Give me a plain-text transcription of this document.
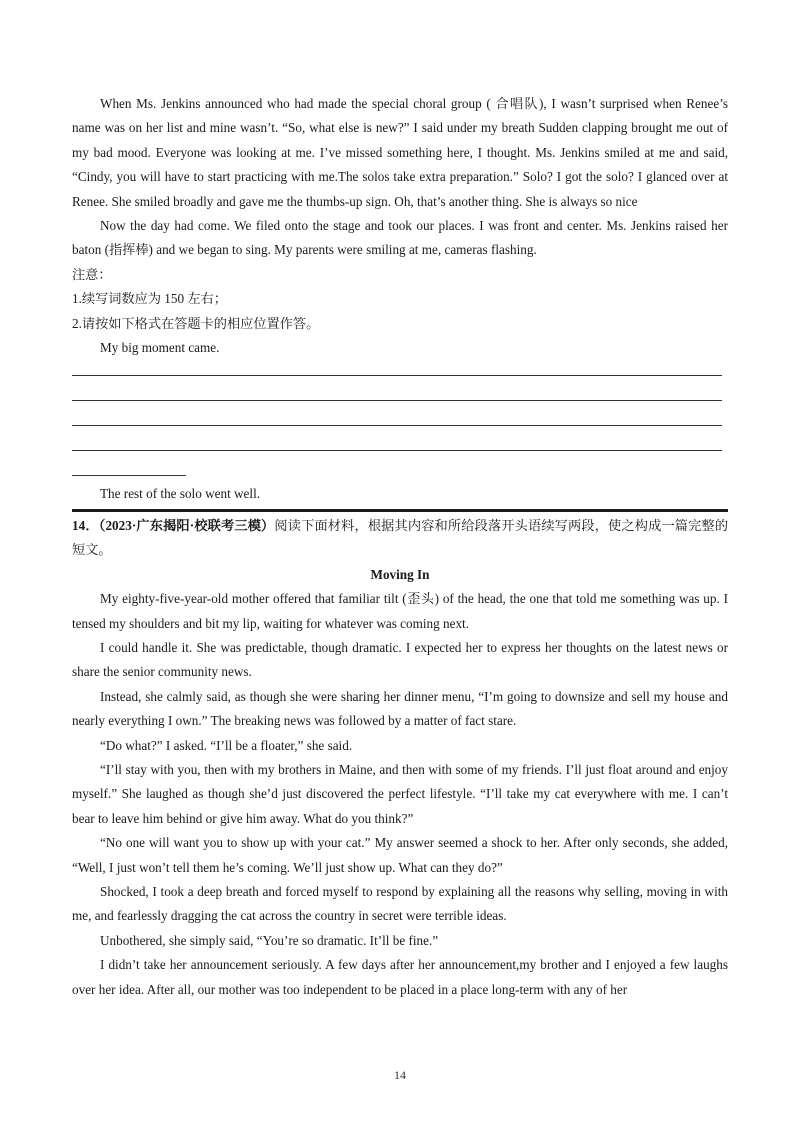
When Ms. Jenkins announced who had made the special choral group ( 合唱队), I wasn’t surprised when Renee’s name was on her list and mine wasn’t. “So, what else is new?” I said under my breath Sudden clapping brought me out of my bad mood. Everyone was looking at me. I’ve missed something here, I thought. Ms. Jenkins smiled at me and said, “Cindy, you will have to start practicing with me.The solos take extra preparation.” Solo? I got the solo? I glanced over at Renee. She smiled broadly and gave me the thumbs-up sign. Oh, that’s another thing. She is always so nice

Now the day had come. We filed onto the stage and took our places. I was front and center. Ms. Jenkins raised her baton (指挥棒) and we began to sing. My parents were smiling at me, cameras flashing.

注意：

1.续写词数应为 150 左右；

2.请按如下格式在答题卡的相应位置作答。

My big moment came.

The rest of the solo went well.

14．（2023·广东揭阳·校联考三模）阅读下面材料，根据其内容和所给段落开头语续写两段，使之构成一篇完整的短文。

Moving In

My eighty-five-year-old mother offered that familiar tilt (歪头) of the head, the one that told me something was up. I tensed my shoulders and bit my lip, waiting for whatever was coming next.

I could handle it. She was predictable, though dramatic. I expected her to express her thoughts on the latest news or share the senior community news.

Instead, she calmly said, as though she were sharing her dinner menu, “I’m going to downsize and sell my house and nearly everything I own.” The breaking news was followed by a matter of fact stare.

“Do what?” I asked. “I’ll be a floater,” she said.

“I’ll stay with you, then with my brothers in Maine, and then with some of my friends. I’ll just float around and enjoy myself.” She laughed as though she’d just discovered the perfect lifestyle. “I’ll take my cat everywhere with me. I can’t bear to leave him behind or give him away. What do you think?”

“No one will want you to show up with your cat.” My answer seemed a shock to her. After only seconds, she added, “Well, I just won’t tell them he’s coming. We’ll just show up. What can they do?”

Shocked, I took a deep breath and forced myself to respond by explaining all the reasons why selling, moving in with me, and fearlessly dragging the cat across the country in secret were terrible ideas.

Unbothered, she simply said, “You’re so dramatic. It’ll be fine.”

I didn’t take her announcement seriously. A few days after her announcement,my brother and I enjoyed a few laughs over her idea. After all, our mother was too independent to be placed in a place long-term with any of her

14
